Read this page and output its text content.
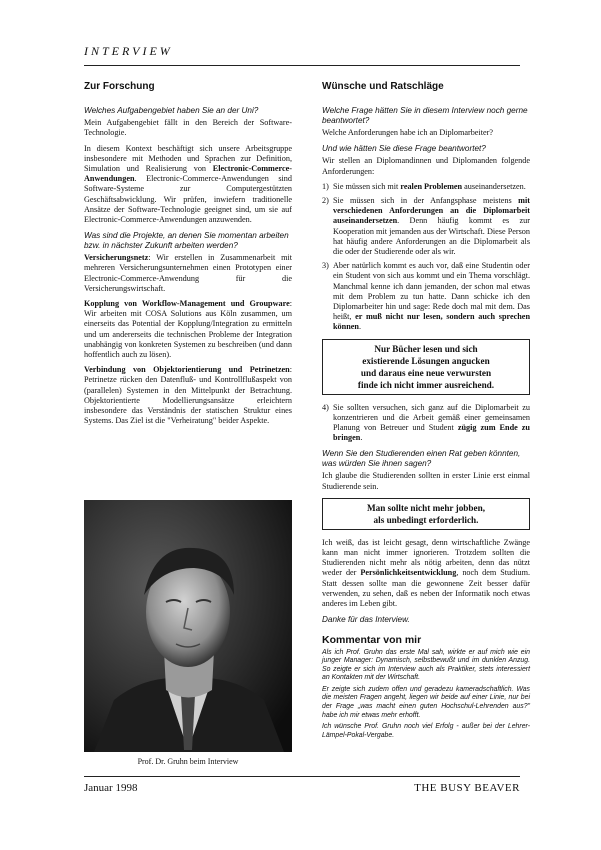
INTERVIEW
Zur Forschung
Welches Aufgabengebiet haben Sie an der Uni?

Mein Aufgabengebiet fällt in den Bereich der Software-Technologie.

In diesem Kontext beschäftigt sich unsere Arbeitsgruppe insbesondere mit Methoden und Sprachen zur Definition, Simulation und Realisierung von Electronic-Commerce-Anwendungen. Electronic-Commerce-Anwendungen sind Software-Systeme zur Computergestützten Geschäftsabwicklung. Wir prüfen, inwiefern traditionelle Ansätze der Software-Technologie geeignet sind, um sie auf Electronic-Commerce-Anwendungen anzuwenden.

Was sind die Projekte, an denen Sie momentan arbeiten bzw. in nächster Zukunft arbeiten werden?

Versicherungsnetz: Wir erstellen in Zusammenarbeit mit mehreren Versicherungsunternehmen einen Prototypen einer Electronic-Commerce-Anwendung für die Versicherungswirtschaft.

Kopplung von Workflow-Management und Groupware: Wir arbeiten mit COSA Solutions aus Köln zusammen, um einerseits das Potential der Kopplung/Integration zu ermitteln und um andererseits die technischen Probleme der Integration unabhängig von konkreten Systemen zu beschreiben (und dann hoffentlich auch zu lösen).

Verbindung von Objektorientierung und Petrinetzen: Petrinetze rücken den Datenfluß- und Kontrollflußaspekt von (parallelen) Systemen in den Mittelpunkt der Betrachtung. Objektorientierte Modellierungsansätze erleichtern insbesondere das Verständnis der statischen Struktur eines Systems. Das Ziel ist die "Verheiratung" beider Aspekte.

Prof. Dr. Gruhn beim Interview
Wünsche und Ratschläge
Welche Frage hätten Sie in diesem Interview noch gerne beantwortet?

Welche Anforderungen habe ich an Diplomarbeiter?

Und wie hätten Sie diese Frage beantwortet?

Wir stellen an Diplomandinnen und Diplomanden folgende Anforderungen:

1) Sie müssen sich mit realen Problemen auseinandersetzen.
2) Sie müssen sich in der Anfangsphase meistens mit verschiedenen Anforderungen an die Diplomarbeit auseinandersetzen. Denn häufig kommt es zur Kooperation mit jemanden aus der Wirtschaft. Diese Person hat häufig andere Anforderungen an die Diplomarbeit als die oder der Studierende oder als wir.
3) Aber natürlich kommt es auch vor, daß eine Studentin oder ein Student von sich aus kommt und ein Thema vorschlägt. Manchmal kenne ich dann jemanden, der schon mal etwas mit dem Problem zu tun hatte. Dann schicke ich den Diplomarbeiter hin und sage: Rede doch mal mit dem. Das heißt, er muß nicht nur lesen, sondern auch sprechen können.
Nur Bücher lesen und sich
existierende Lösungen angucken
und daraus eine neue verwursten
finde ich nicht immer ausreichend.
4) Sie sollten versuchen, sich ganz auf die Diplomarbeit zu konzentrieren und die Arbeit gemäß einer gemeinsamen Planung von Betreuer und Student zügig zum Ende zu bringen.
Wenn Sie den Studierenden einen Rat geben könnten, was würden Sie ihnen sagen?

Ich glaube die Studierenden sollten in erster Linie erst einmal Studierende sein.

Man sollte nicht mehr jobben,
als unbedingt erforderlich.

Ich weiß, das ist leicht gesagt, denn wirtschaftliche Zwänge kann man nicht immer ignorieren. Trotzdem sollten die Studierenden nicht mehr als nötig arbeiten, denn das nützt weder der Persönlichkeitsentwicklung, noch dem Studium. Statt dessen sollte man die gewonnene Zeit besser dafür verwenden, zu sehen, daß es neben der Informatik noch etwas anderes im Leben gibt.

Danke für das Interview.
Kommentar von mir

Als ich Prof. Gruhn das erste Mal sah, wirkte er auf mich wie ein junger Manager: Dynamisch, selbstbewußt und im dunklen Anzug. So zeigte er sich im Interview auch als Praktiker, stets interessiert an Kontakten mit der Wirtschaft.

Er zeigte sich zudem offen und geradezu kameradschaftlich. Was die meisten Fragen angeht, liegen wir beide auf einer Linie, nur bei der Frage „was macht einen guten Hochschul-Lehrenden aus?" habe ich mir etwas mehr erhofft.

Ich wünsche Prof. Gruhn noch viel Erfolg - außer bei der Lehrer-Lämpel-Pokal-Vergabe.

Januar 1998	THE BUSY BEAVER
